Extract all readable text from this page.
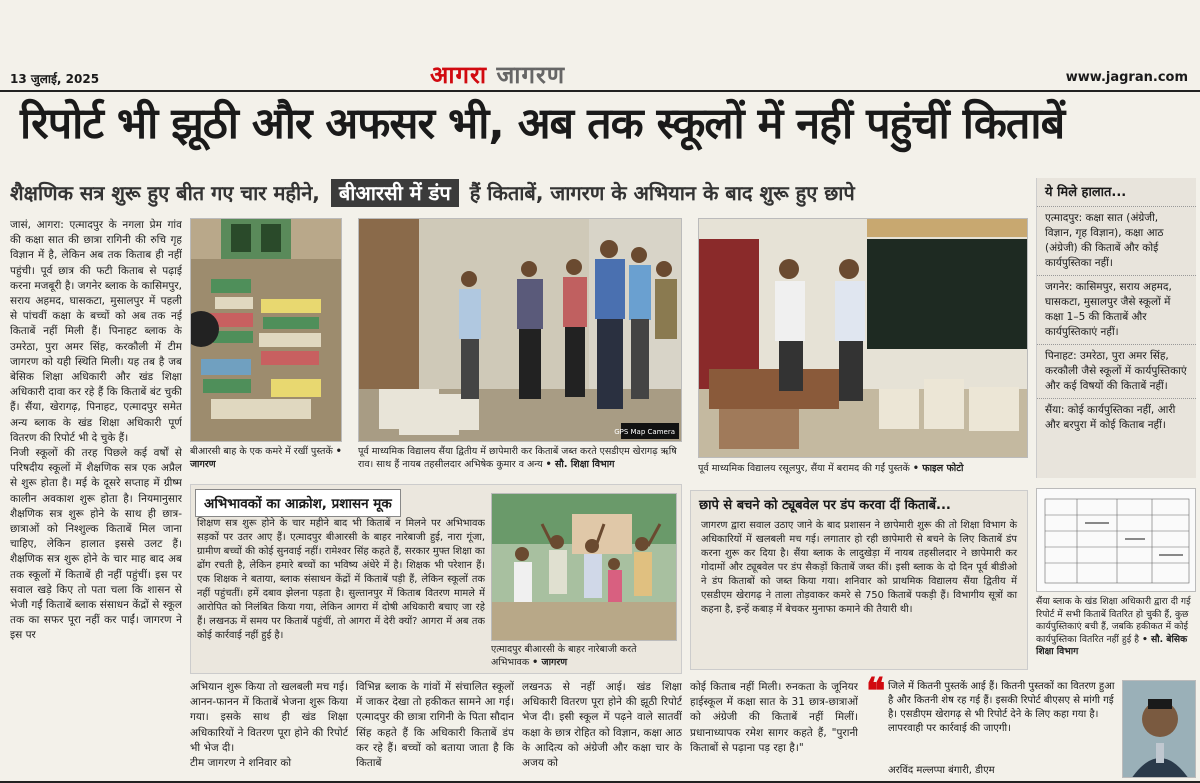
13 जुलाई, 2025	आगरा जागरण	www.jagran.com
रिपोर्ट भी झूठी और अफसर भी, अब तक स्कूलों में नहीं पहुंचीं किताबें
शैक्षणिक सत्र शुरू हुए बीत गए चार महीने, बीआरसी में डंप हैं किताबें, जागरण के अभियान के बाद शुरू हुए छापे
जासं, आगरा: एत्मादपुर के नगला प्रेम गांव की कक्षा सात की छात्रा रागिनी की रुचि गृह विज्ञान में है, लेकिन अब तक किताब ही नहीं पहुंची। पूर्व छात्र की फटी किताब से पढ़ाई करना मजबूरी है। जगनेर ब्लाक के कासिमपुर, सराय अहमद, घासकटा, मुसालपुर में पहली से पांचवीं कक्षा के बच्चों को अब तक नई किताबें नहीं मिली हैं। पिनाहट ब्लाक के उमरेठा, पुरा अमर सिंह, करकौली में टीम जागरण को यही स्थिति मिली। यह तब है जब बेसिक शिक्षा अधिकारी और खंड शिक्षा अधिकारी दावा कर रहे हैं कि किताबें बंट चुकी हैं। सैंया, खेरागढ़, पिनाहट, एत्मादपुर समेत अन्य ब्लाक के खंड शिक्षा अधिकारी पूर्ण वितरण की रिपोर्ट भी दे चुके हैं।
निजी स्कूलों की तरह पिछले कई वर्षों से परिषदीय स्कूलों में शैक्षणिक सत्र एक अप्रैल से शुरू होता है। मई के दूसरे सप्ताह में ग्रीष्म कालीन अवकाश शुरू होता है। नियमानुसार शैक्षणिक सत्र शुरू होने के साथ ही छात्र-छात्राओं को निश्शुल्क किताबें मिल जाना चाहिए, लेकिन हालात इससे उलट हैं। शैक्षणिक सत्र शुरू होने के चार माह बाद अब तक स्कूलों में किताबें ही नहीं पहुंचीं। इस पर सवाल खड़े किए तो पता चला कि शासन से भेजी गईं किताबें ब्लाक संसाधन केंद्रों से स्कूल तक का सफर पूरा नहीं कर पाईं। जागरण ने इस पर
बीआरसी बाह के एक कमरे में रखीं पुस्तकें • जागरण
GPS Map Camera
पूर्व माध्यमिक विद्यालय सैंया द्वितीय में छापेमारी कर किताबें जब्त करते एसडीएम खेरागढ़ ऋषि राव। साथ हैं नायब तहसीलदार अभिषेक कुमार व अन्य • सौ. शिक्षा विभाग	पूर्व माध्यमिक विद्यालय रसूलपुर, सैंया में बरामद की गईं पुस्तकें • फाइल फोटो
अभिभावकों का आक्रोश, प्रशासन मूक
शिक्षण सत्र शुरू होने के चार महीने बाद भी किताबें न मिलने पर अभिभावक सड़कों पर उतर आए हैं। एत्मादपुर बीआरसी के बाहर नारेबाजी हुई, नारा गूंजा, ग्रामीण बच्चों की कोई सुनवाई नहीं। रामेश्वर सिंह कहते हैं, सरकार मुफ्त शिक्षा का ढोंग रचती है, लेकिन हमारे बच्चों का भविष्य अंधेरे में है। शिक्षक भी परेशान हैं। एक शिक्षक ने बताया, ब्लाक संसाधन केंद्रों में किताबें पड़ी हैं, लेकिन स्कूलों तक नहीं पहुंचतीं। हमें दबाव झेलना पड़ता है। सुल्तानपुर में किताब वितरण मामले में आरोपित को निलंबित किया गया, लेकिन आगरा में दोषी अधिकारी बचाए जा रहे हैं। लखनऊ में समय पर किताबें पहुंचीं, तो आगरा में देरी क्यों? आगरा में अब तक कोई कार्रवाई नहीं हुई है।
एत्मादपुर बीआरसी के बाहर नारेबाजी करते अभिभावक • जागरण
छापे से बचने को ट्यूबवेल पर डंप करवा दीं किताबें...
जागरण द्वारा सवाल उठाए जाने के बाद प्रशासन ने छापेमारी शुरू की तो शिक्षा विभाग के अधिकारियों में खलबली मच गई। लगातार हो रही छापेमारी से बचने के लिए किताबें डंप करना शुरू कर दिया है। सैंया ब्लाक के लादुखेड़ा में नायब तहसीलदार ने छापेमारी कर गोदामों और ट्यूबवेल पर डंप सैकड़ों किताबें जब्त कीं। इसी ब्लाक के दो दिन पूर्व बीडीओ ने डंप किताबों को जब्त किया गया। शनिवार को प्राथमिक विद्यालय सैंया द्वितीय में एसडीएम खेरागढ़ ने ताला तोड़वाकर कमरे से 750 किताबें पकड़ी हैं। विभागीय सूत्रों का कहना है, इन्हें कबाड़ में बेचकर मुनाफा कमाने की तैयारी थी।
ये मिले हालात...
एत्मादपुर: कक्षा सात (अंग्रेजी, विज्ञान, गृह विज्ञान), कक्षा आठ (अंग्रेजी) की किताबें और कोई कार्यपुस्तिका नहीं।
जगनेर: कासिमपुर, सराय अहमद, घासकटा, मुसालपुर जैसे स्कूलों में कक्षा 1–5 की किताबें और कार्यपुस्तिकाएं नहीं।
पिनाहट: उमरेठा, पुरा अमर सिंह, करकौली जैसे स्कूलों में कार्यपुस्तिकाएं और कई विषयों की किताबें नहीं।
सैंया: कोई कार्यपुस्तिका नहीं, आरी और बरपुरा में कोई किताब नहीं।
सैंया ब्लाक के खंड शिक्षा अधिकारी द्वारा दी गई रिपोर्ट में सभी किताबें वितरित हो चुकी हैं, कुछ कार्यपुस्तिकाएं बची हैं, जबकि हकीकत में कोई कार्यपुस्तिका वितरित नहीं हुई है • सौ. बेसिक शिक्षा विभाग
अभियान शुरू किया तो खलबली मच गई। आनन-फानन में किताबें भेजना शुरू किया गया। इसके साथ ही खंड शिक्षा अधिकारियों ने वितरण पूरा होने की रिपोर्ट भी भेज दी।
टीम जागरण ने शनिवार को
विभिन्न ब्लाक के गांवों में संचालित स्कूलों में जाकर देखा तो हकीकत सामने आ गई। एत्मादपुर की छात्रा रागिनी के पिता सौदान सिंह कहते हैं कि अधिकारी किताबें डंप कर रहे हैं। बच्चों को बताया जाता है कि किताबें
लखनऊ से नहीं आई। खंड शिक्षा अधिकारी वितरण पूरा होने की झूठी रिपोर्ट भेज दी। इसी स्कूल में पढ़ने वाले सातवीं कक्षा के छात्र रोहित को विज्ञान, कक्षा आठ के आदित्य को अंग्रेजी और कक्षा चार के अजय को
कोई किताब नहीं मिली। रुनकता के जूनियर हाईस्कूल में कक्षा सात के 31 छात्र-छात्राओं को अंग्रेजी की किताबें नहीं मिलीं। प्रधानाध्यापक रमेश सागर कहते हैं, "पुरानी किताबों से पढ़ाना पड़ रहा है।"
❝ जिले में कितनी पुस्तकें आई हैं। कितनी पुस्तकों का वितरण हुआ है और कितनी शेष रह गई हैं। इसकी रिपोर्ट बीएसए से मांगी गई है। एसडीएम खेरागढ़ से भी रिपोर्ट देने के लिए कहा गया है। लापरवाही पर कार्रवाई की जाएगी।
अरविंद मल्लप्पा बंगारी, डीएम
